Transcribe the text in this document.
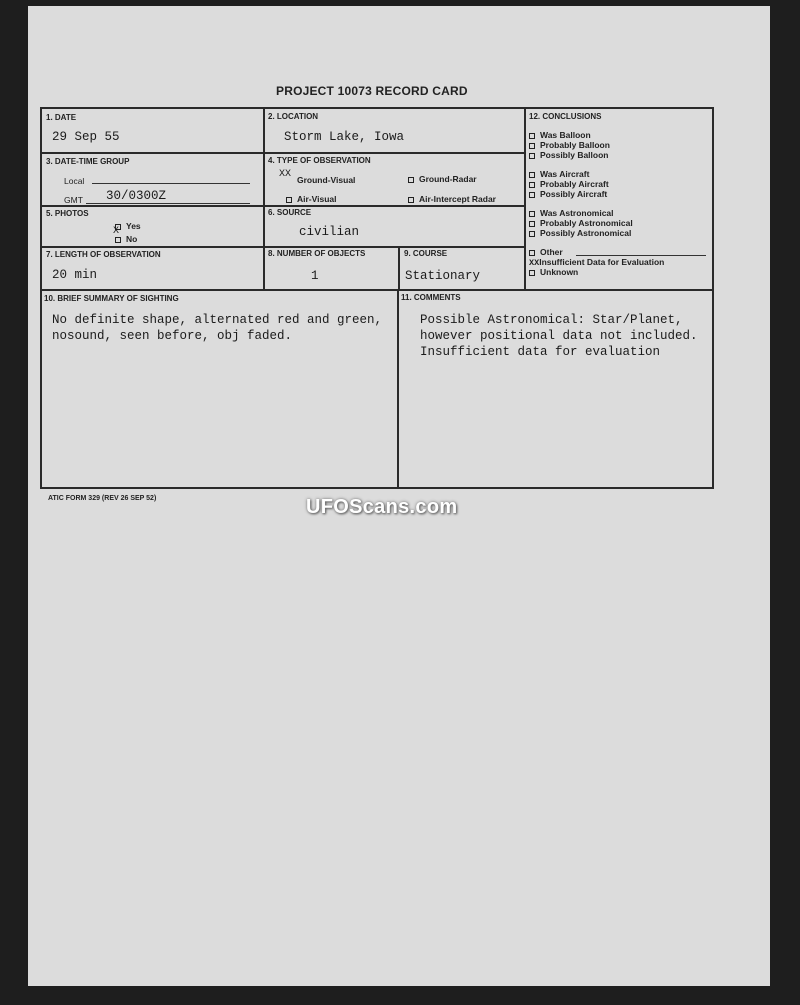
PROJECT 10073 RECORD CARD
1. DATE
29 Sep 55
2. LOCATION
Storm Lake, Iowa
3. DATE-TIME GROUP
Local
GMT 30/0300Z
4. TYPE OF OBSERVATION
XX Ground-Visual	Ground-Radar
Air-Visual	Air-Intercept Radar
5. PHOTOS
Yes
No
X
6. SOURCE
civilian
7. LENGTH OF OBSERVATION
20 min
8. NUMBER OF OBJECTS
1
9. COURSE
Stationary
10. BRIEF SUMMARY OF SIGHTING
No definite shape, alternated red and green,
nosound, seen before, obj faded.
11. COMMENTS
Possible Astronomical: Star/Planet,
however positional data not included.
Insufficient data for evaluation
12. CONCLUSIONS
Was Balloon
Probably Balloon
Possibly Balloon
Was Aircraft
Probably Aircraft
Possibly Aircraft
Was Astronomical
Probably Astronomical
Possibly Astronomical
Other
XXInsufficient Data for Evaluation
Unknown
ATIC FORM 329 (REV 26 SEP 52)	UFOScans.com
